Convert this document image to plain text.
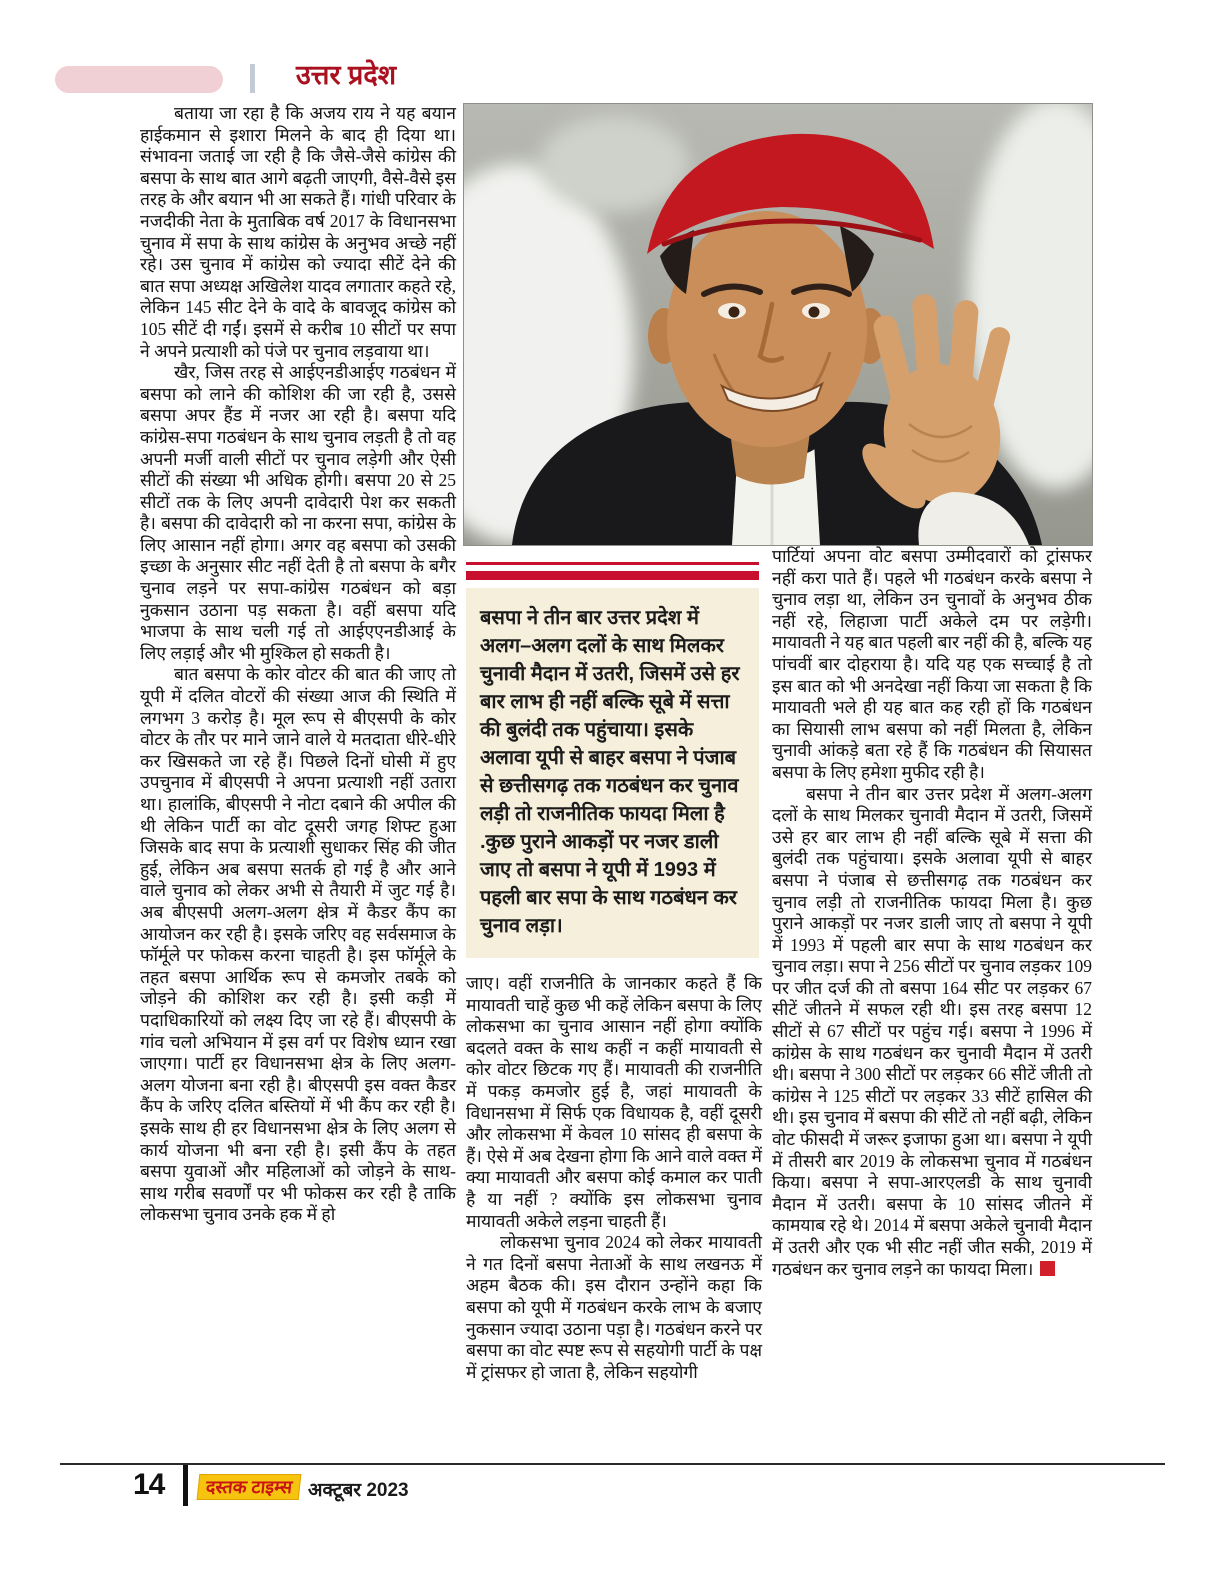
उत्तर प्रदेश

बताया जा रहा है कि अजय राय ने यह बयान हाईकमान से इशारा मिलने के बाद ही दिया था। संभावना जताई जा रही है कि जैसे-जैसे कांग्रेस की बसपा के साथ बात आगे बढ़ती जाएगी, वैसे-वैसे इस तरह के और बयान भी आ सकते हैं। गांधी परिवार के नजदीकी नेता के मुताबिक वर्ष 2017 के विधानसभा चुनाव में सपा के साथ कांग्रेस के अनुभव अच्छे नहीं रहे। उस चुनाव में कांग्रेस को ज्यादा सीटें देने की बात सपा अध्यक्ष अखिलेश यादव लगातार कहते रहे, लेकिन 145 सीट देने के वादे के बावजूद कांग्रेस को 105 सीटें दी गईं। इसमें से करीब 10 सीटों पर सपा ने अपने प्रत्याशी को पंजे पर चुनाव लड़वाया था।

खैर, जिस तरह से आईएनडीआईए गठबंधन में बसपा को लाने की कोशिश की जा रही है, उससे बसपा अपर हैंड में नजर आ रही है। बसपा यदि कांग्रेस-सपा गठबंधन के साथ चुनाव लड़ती है तो वह अपनी मर्जी वाली सीटों पर चुनाव लड़ेगी और ऐसी सीटों की संख्या भी अधिक होगी। बसपा 20 से 25 सीटों तक के लिए अपनी दावेदारी पेश कर सकती है। बसपा की दावेदारी को ना करना सपा, कांग्रेस के लिए आसान नहीं होगा। अगर वह बसपा को उसकी इच्छा के अनुसार सीट नहीं देती है तो बसपा के बगैर चुनाव लड़ने पर सपा-कांग्रेस गठबंधन को बड़ा नुकसान उठाना पड़ सकता है। वहीं बसपा यदि भाजपा के साथ चली गई तो आईएएनडीआई के लिए लड़ाई और भी मुश्किल हो सकती है।

बात बसपा के कोर वोटर की बात की जाए तो यूपी में दलित वोटरों की संख्या आज की स्थिति में लगभग 3 करोड़ है। मूल रूप से बीएसपी के कोर वोटर के तौर पर माने जाने वाले ये मतदाता धीरे-धीरे कर खिसकते जा रहे हैं। पिछले दिनों घोसी में हुए उपचुनाव में बीएसपी ने अपना प्रत्याशी नहीं उतारा था। हालांकि, बीएसपी ने नोटा दबाने की अपील की थी लेकिन पार्टी का वोट दूसरी जगह शिफ्ट हुआ जिसके बाद सपा के प्रत्याशी सुधाकर सिंह की जीत हुई, लेकिन अब बसपा सतर्क हो गई है और आने वाले चुनाव को लेकर अभी से तैयारी में जुट गई है। अब बीएसपी अलग-अलग क्षेत्र में कैडर कैंप का आयोजन कर रही है। इसके जरिए वह सर्वसमाज के फॉर्मूले पर फोकस करना चाहती है। इस फॉर्मूले के तहत बसपा आर्थिक रूप से कमजोर तबके को जोड़ने की कोशिश कर रही है। इसी कड़ी में पदाधिकारियों को लक्ष्य दिए जा रहे हैं। बीएसपी के गांव चलो अभियान में इस वर्ग पर विशेष ध्यान रखा जाएगा। पार्टी हर विधानसभा क्षेत्र के लिए अलग-अलग योजना बना रही है। बीएसपी इस वक्त कैडर कैंप के जरिए दलित बस्तियों में भी कैंप कर रही है। इसके साथ ही हर विधानसभा क्षेत्र के लिए अलग से कार्य योजना भी बना रही है। इसी कैंप के तहत बसपा युवाओं और महिलाओं को जोड़ने के साथ-साथ गरीब सवर्णों पर भी फोकस कर रही है ताकि लोकसभा चुनाव उनके हक में हो

बसपा ने तीन बार उत्तर प्रदेश में अलग–अलग दलों के साथ मिलकर चुनावी मैदान में उतरी, जिसमें उसे हर बार लाभ ही नहीं बल्कि सूबे में सत्ता की बुलंदी तक पहुंचाया। इसके अलावा यूपी से बाहर बसपा ने पंजाब से छत्तीसगढ़ तक गठबंधन कर चुनाव लड़ी तो राजनीतिक फायदा मिला है .कुछ पुराने आकड़ों पर नजर डाली जाए तो बसपा ने यूपी में 1993 में पहली बार सपा के साथ गठबंधन कर चुनाव लड़ा।

जाए। वहीं राजनीति के जानकार कहते हैं कि मायावती चाहें कुछ भी कहें लेकिन बसपा के लिए लोकसभा का चुनाव आसान नहीं होगा क्योंकि बदलते वक्त के साथ कहीं न कहीं मायावती से कोर वोटर छिटक गए हैं। मायावती की राजनीति में पकड़ कमजोर हुई है, जहां मायावती के विधानसभा में सिर्फ एक विधायक है, वहीं दूसरी और लोकसभा में केवल 10 सांसद ही बसपा के हैं। ऐसे में अब देखना होगा कि आने वाले वक्त में क्या मायावती और बसपा कोई कमाल कर पाती है या नहीं ? क्योंकि इस लोकसभा चुनाव मायावती अकेले लड़ना चाहती हैं।

लोकसभा चुनाव 2024 को लेकर मायावती ने गत दिनों बसपा नेताओं के साथ लखनऊ में अहम बैठक की। इस दौरान उन्होंने कहा कि बसपा को यूपी में गठबंधन करके लाभ के बजाए नुकसान ज्यादा उठाना पड़ा है। गठबंधन करने पर बसपा का वोट स्पष्ट रूप से सहयोगी पार्टी के पक्ष में ट्रांसफर हो जाता है, लेकिन सहयोगी

पार्टियां अपना वोट बसपा उम्मीदवारों को ट्रांसफर नहीं करा पाते हैं। पहले भी गठबंधन करके बसपा ने चुनाव लड़ा था, लेकिन उन चुनावों के अनुभव ठीक नहीं रहे, लिहाजा पार्टी अकेले दम पर लड़ेगी। मायावती ने यह बात पहली बार नहीं की है, बल्कि यह पांचवीं बार दोहराया है। यदि यह एक सच्चाई है तो इस बात को भी अनदेखा नहीं किया जा सकता है कि मायावती भले ही यह बात कह रही हों कि गठबंधन का सियासी लाभ बसपा को नहीं मिलता है, लेकिन चुनावी आंकड़े बता रहे हैं कि गठबंधन की सियासत बसपा के लिए हमेशा मुफीद रही है।

बसपा ने तीन बार उत्तर प्रदेश में अलग-अलग दलों के साथ मिलकर चुनावी मैदान में उतरी, जिसमें उसे हर बार लाभ ही नहीं बल्कि सूबे में सत्ता की बुलंदी तक पहुंचाया। इसके अलावा यूपी से बाहर बसपा ने पंजाब से छत्तीसगढ़ तक गठबंधन कर चुनाव लड़ी तो राजनीतिक फायदा मिला है। कुछ पुराने आकड़ों पर नजर डाली जाए तो बसपा ने यूपी में 1993 में पहली बार सपा के साथ गठबंधन कर चुनाव लड़ा। सपा ने 256 सीटों पर चुनाव लड़कर 109 पर जीत दर्ज की तो बसपा 164 सीट पर लड़कर 67 सीटें जीतने में सफल रही थी। इस तरह बसपा 12 सीटों से 67 सीटों पर पहुंच गई। बसपा ने 1996 में कांग्रेस के साथ गठबंधन कर चुनावी मैदान में उतरी थी। बसपा ने 300 सीटों पर लड़कर 66 सीटें जीती तो कांग्रेस ने 125 सीटों पर लड़कर 33 सीटें हासिल की थी। इस चुनाव में बसपा की सीटें तो नहीं बढ़ी, लेकिन वोट फीसदी में जरूर इजाफा हुआ था। बसपा ने यूपी में तीसरी बार 2019 के लोकसभा चुनाव में गठबंधन किया। बसपा ने सपा-आरएलडी के साथ चुनावी मैदान में उतरी। बसपा के 10 सांसद जीतने में कामयाब रहे थे। 2014 में बसपा अकेले चुनावी मैदान में उतरी और एक भी सीट नहीं जीत सकी, 2019 में गठबंधन कर चुनाव लड़ने का फायदा मिला।

14	दस्तक टाइम्स अक्टूबर 2023
